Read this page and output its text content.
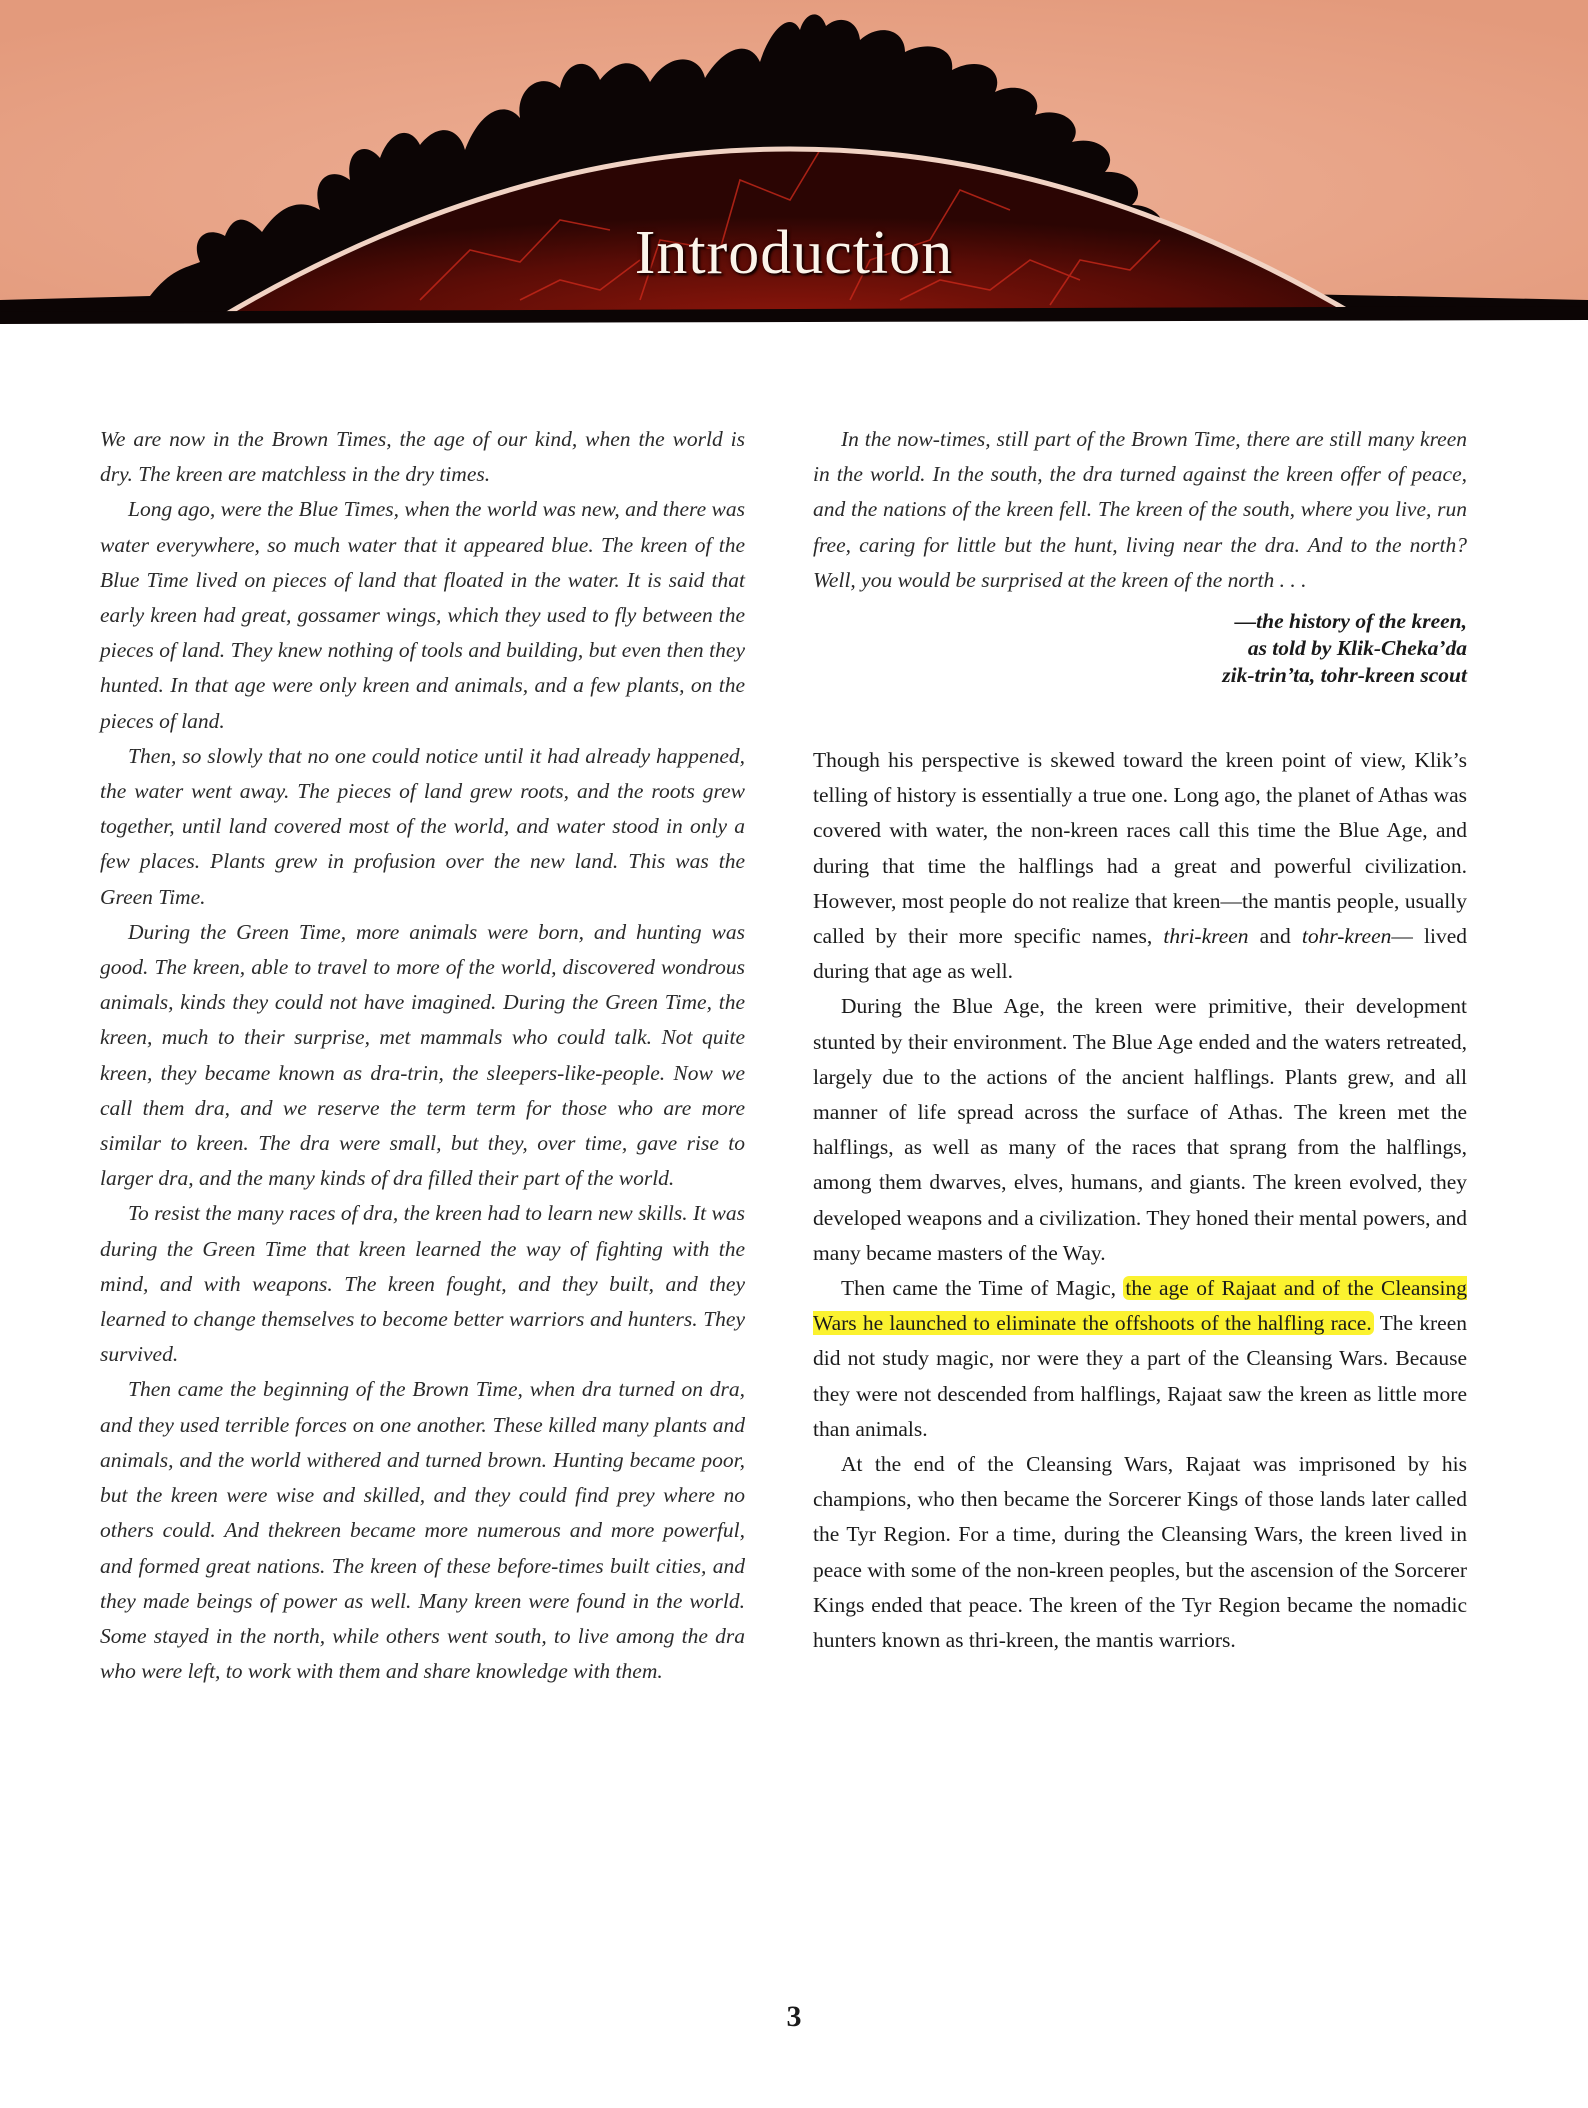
Introduction

We are now in the Brown Times, the age of our kind, when the world is dry. The kreen are matchless in the dry times.

Long ago, were the Blue Times, when the world was new, and there was water everywhere, so much water that it appeared blue. The kreen of the Blue Time lived on pieces of land that floated in the water. It is said that early kreen had great, gossamer wings, which they used to fly between the pieces of land. They knew nothing of tools and building, but even then they hunted. In that age were only kreen and animals, and a few plants, on the pieces of land.

Then, so slowly that no one could notice until it had already happened, the water went away. The pieces of land grew roots, and the roots grew together, until land covered most of the world, and water stood in only a few places. Plants grew in profusion over the new land. This was the Green Time.

During the Green Time, more animals were born, and hunting was good. The kreen, able to travel to more of the world, discovered wondrous animals, kinds they could not have imagined. During the Green Time, the kreen, much to their surprise, met mammals who could talk. Not quite kreen, they became known as dra-trin, the sleepers-like-people. Now we call them dra, and we reserve the term term for those who are more similar to kreen. The dra were small, but they, over time, gave rise to larger dra, and the many kinds of dra filled their part of the world.

To resist the many races of dra, the kreen had to learn new skills. It was during the Green Time that kreen learned the way of fighting with the mind, and with weapons. The kreen fought, and they built, and they learned to change themselves to become better warriors and hunters. They survived.

Then came the beginning of the Brown Time, when dra turned on dra, and they used terrible forces on one another. These killed many plants and animals, and the world withered and turned brown. Hunting became poor, but the kreen were wise and skilled, and they could find prey where no others could. And thekreen became more numerous and more powerful, and formed great nations. The kreen of these before-times built cities, and they made beings of power as well. Many kreen were found in the world. Some stayed in the north, while others went south, to live among the dra who were left, to work with them and share knowledge with them.

In the now-times, still part of the Brown Time, there are still many kreen in the world. In the south, the dra turned against the kreen offer of peace, and the nations of the kreen fell. The kreen of the south, where you live, run free, caring for little but the hunt, living near the dra. And to the north? Well, you would be surprised at the kreen of the north . . .

—the history of the kreen,
as told by Klik-Cheka’da
zik-trin’ta, tohr-kreen scout

Though his perspective is skewed toward the kreen point of view, Klik’s telling of history is essentially a true one. Long ago, the planet of Athas was covered with water, the non-kreen races call this time the Blue Age, and during that time the halflings had a great and powerful civilization. However, most people do not realize that kreen—the mantis people, usually called by their more specific names, thri-kreen and tohr-kreen— lived during that age as well.

During the Blue Age, the kreen were primitive, their development stunted by their environment. The Blue Age ended and the waters retreated, largely due to the actions of the ancient halflings. Plants grew, and all manner of life spread across the surface of Athas. The kreen met the halflings, as well as many of the races that sprang from the halflings, among them dwarves, elves, humans, and giants. The kreen evolved, they developed weapons and a civilization. They honed their mental powers, and many became masters of the Way.

Then came the Time of Magic, the age of Rajaat and of the Cleansing Wars he launched to eliminate the offshoots of the halfling race. The kreen did not study magic, nor were they a part of the Cleansing Wars. Because they were not descended from halflings, Rajaat saw the kreen as little more than animals.

At the end of the Cleansing Wars, Rajaat was imprisoned by his champions, who then became the Sorcerer Kings of those lands later called the Tyr Region. For a time, during the Cleansing Wars, the kreen lived in peace with some of the non-kreen peoples, but the ascension of the Sorcerer Kings ended that peace. The kreen of the Tyr Region became the nomadic hunters known as thri-kreen, the mantis warriors.

3
